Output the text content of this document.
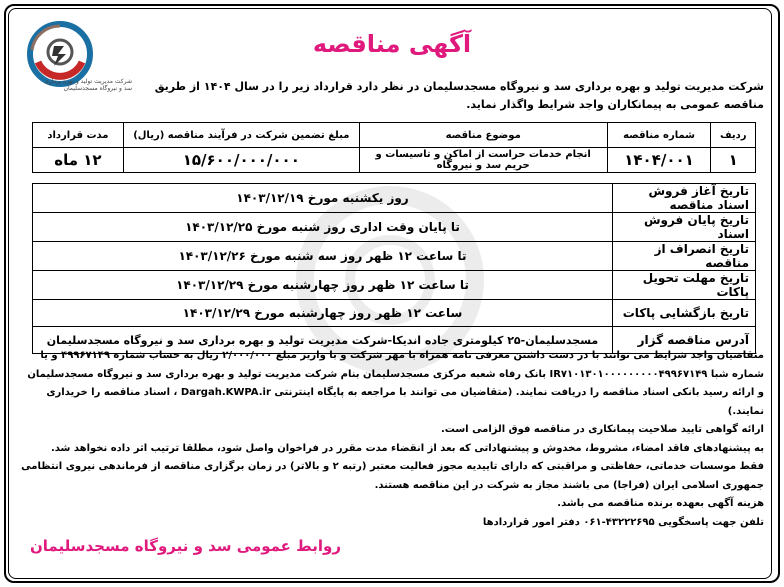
شرکت مدیریت تولید و بهره برداری
سد و نیروگاه مسجدسلیمان
آگهی مناقصه
شرکت مدیریت تولید و بهره برداری سد و نیروگاه مسجدسلیمان در نظر دارد قرارداد زیر را در سال ۱۴۰۴ از طریق مناقصه عمومی به پیمانکاران واجد شرایط واگذار نماید.
ردیف	شماره مناقصه	موضوع مناقصه	مبلغ تضمین شرکت در فرآیند مناقصه (ریال)	مدت قرارداد
۱	۱۴۰۴/۰۰۱	انجام خدمات حراست از اماکن و تاسیسات و حریم سد و نیروگاه	۱۵/۶۰۰/۰۰۰/۰۰۰	۱۲ ماه
تاریخ آغاز فروش اسناد مناقصه	روز یکشنبه مورخ ۱۴۰۳/۱۲/۱۹
تاریخ پایان فروش اسناد	تا پایان وقت اداری روز شنبه مورخ ۱۴۰۳/۱۲/۲۵
تاریخ انصراف از مناقصه	تا ساعت ۱۲ ظهر روز سه شنبه مورخ ۱۴۰۳/۱۲/۲۶
تاریخ مهلت تحویل پاکات	تا ساعت ۱۲ ظهر روز چهارشنبه مورخ ۱۴۰۳/۱۲/۲۹
تاریخ بازگشایی پاکات	ساعت ۱۲ ظهر روز چهارشنبه مورخ ۱۴۰۳/۱۲/۲۹
آدرس مناقصه گزار	مسجدسلیمان-۲۵ کیلومتری جاده اندیکا-شرکت مدیریت تولید و بهره برداری سد و نیروگاه مسجدسلیمان

متقاضیان واجد شرایط می توانند با در دست داشتن معرفی نامه همراه با مهر شرکت و با واریز مبلغ ۲/۰۰۰/۰۰۰ ریال به حساب شماره ۴۹۹۶۷۱۴۹ و یا شماره شبا IR۷۱۰۱۳۰۱۰۰۰۰۰۰۰۰۰۴۹۹۶۷۱۴۹ بانک رفاه شعبه مرکزی مسجدسلیمان بنام شرکت مدیریت تولید و بهره برداری سد و نیروگاه مسجدسلیمان و ارائه رسید بانکی اسناد مناقصه را دریافت نمایند. (متقاضیان می توانند با مراجعه به پایگاه اینترنتی Dargah.KWPA.ir ، اسناد مناقصه را خریداری نمایند.)

ارائه گواهی تایید صلاحیت پیمانکاری در مناقصه فوق الزامی است.

به پیشنهادهای فاقد امضاء، مشروط، مخدوش و پیشنهاداتی که بعد از انقضاء مدت مقرر در فراخوان واصل شود، مطلقا ترتیب اثر داده نخواهد شد.

فقط موسسات خدماتی، حفاظتی و مراقبتی که دارای تاییدیه مجوز فعالیت معتبر (رتبه ۲ و بالاتر) در زمان برگزاری مناقصه از فرماندهی نیروی انتظامی جمهوری اسلامی ایران (فراجا) می باشند مجاز به شرکت در این مناقصه هستند.

هزینه آگهی بعهده برنده مناقصه می باشد.

تلفن جهت پاسخگویی ۴۳۲۲۲۶۹۵-۰۶۱ دفتر امور قراردادها

روابط عمومی سد و نیروگاه مسجدسلیمان
